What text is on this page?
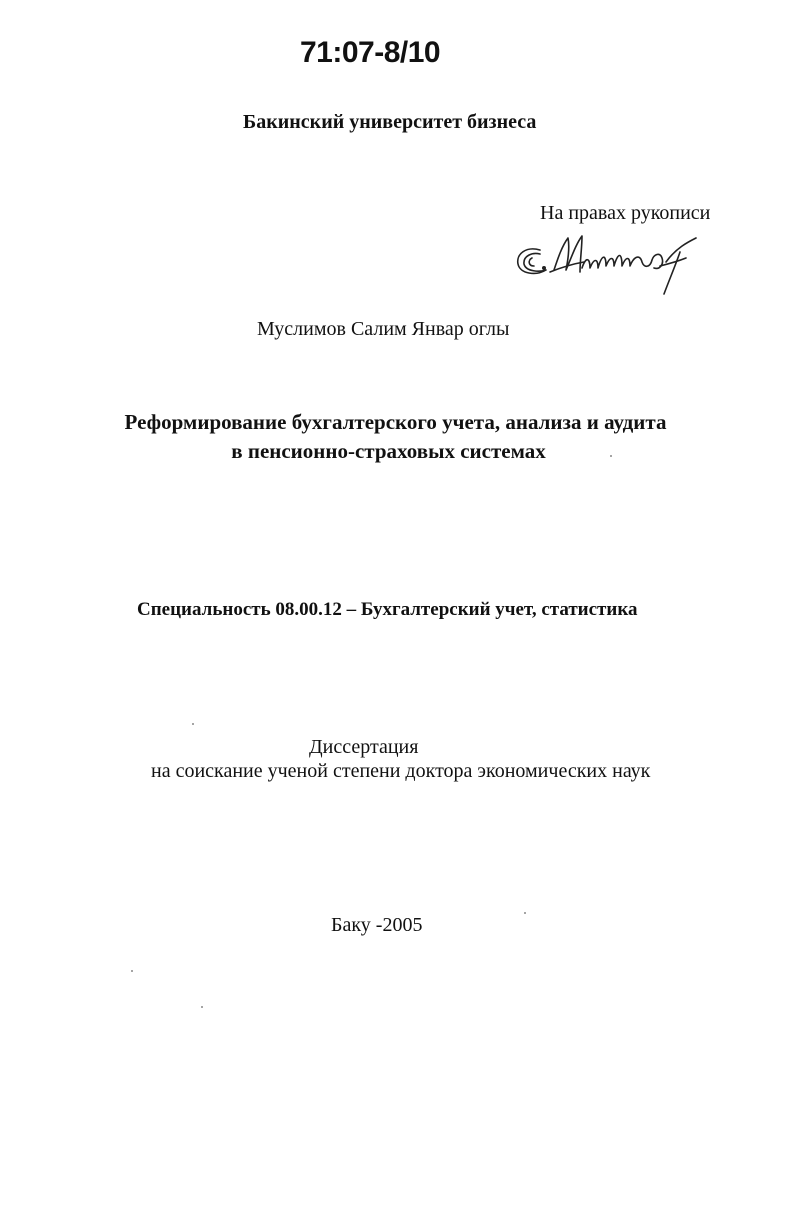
71:07-8/10
Бакинский университет бизнеса
На правах рукописи
Муслимов Салим Январ оглы
Реформирование бухгалтерского учета, анализа и аудита
в пенсионно-страховых системах
Специальность 08.00.12 – Бухгалтерский учет, статистика
Диссертация
на соискание ученой степени доктора экономических наук
Баку -2005
